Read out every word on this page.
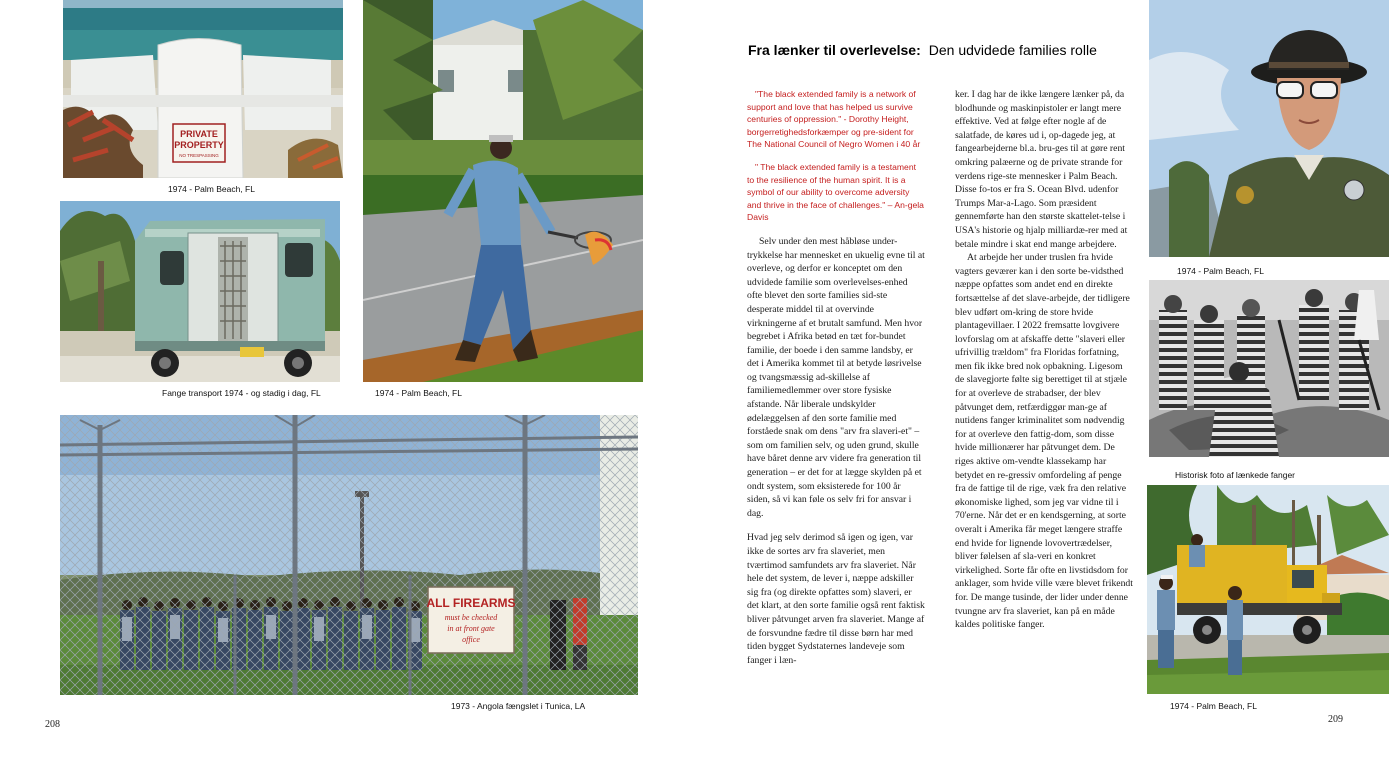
PRIVATE
PROPERTY
NO TRESPASSING
1974 - Palm Beach, FL
1974 - Palm Beach, FL
Fange transport 1974 - og stadig i dag, FL
ALL FIREARMS
must be checked
in at front gate
office
1973 - Angola fængslet i Tunica, LA
208
Fra lænker til overlevelse: Den udvidede families rolle

"The black extended family is a network of support and love that has helped us survive centuries of oppression." - Dorothy Height, borgerretighedsforkæmper og pre-sident for The National Council of Negro Women i 40 år

" The black extended family is a testament to the resilience of the human spirit. It is a symbol of our ability to overcome adversity and thrive in the face of challenges." – An-gela Davis

Selv under den mest håbløse under-trykkelse har mennesket en ukuelig evne til at overleve, og derfor er konceptet om den udvidede familie som overlevelses-enhed ofte blevet den sorte families sid-ste desperate middel til at overvinde virkningerne af et brutalt samfund. Men hvor begrebet i Afrika betød en tæt for-bundet familie, der boede i den samme landsby, er det i Amerika kommet til at betyde løsrivelse og tvangsmæssig ad-skillelse af familiemedlemmer over store fysiske afstande. Når liberale undskylder ødelæggelsen af den sorte familie med forståede snak om dens "arv fra slaveri-et" – som om familien selv, og uden grund, skulle have båret denne arv videre fra generation til generation – er det for at lægge skylden på et ondt system, som eksisterede for 100 år siden, så vi kan føle os selv fri for ansvar i dag.

Hvad jeg selv derimod så igen og igen, var ikke de sortes arv fra slaveriet, men tværtimod samfundets arv fra slaveriet. Når hele det system, de lever i, næppe adskiller sig fra (og direkte opfattes som) slaveri, er det klart, at den sorte familie også rent faktisk bliver påtvunget arven fra slaveriet. Mange af de forsvundne fædre til disse børn har med tiden bygget Sydstaternes landeveje som fanger i læn-

ker. I dag har de ikke længere lænker på, da blodhunde og maskinpistoler er langt mere effektive. Ved at følge efter nogle af de salatfade, de køres ud i, op-dagede jeg, at fangearbejderne bl.a. bru-ges til at gøre rent omkring palæerne og de private strande for verdens rige-ste mennesker i Palm Beach. Disse fo-tos er fra S. Ocean Blvd. udenfor Trumps Mar-a-Lago. Som præsident gennemførte han den største skattelet-telse i USA's historie og hjalp milliardæ-rer med at betale mindre i skat end mange arbejdere.

At arbejde her under truslen fra hvide vagters geværer kan i den sorte be-vidsthed næppe opfattes som andet end en direkte fortsættelse af det slave-arbejde, der tidligere blev udført om-kring de store hvide plantagevillaer. I 2022 fremsatte lovgivere lovforslag om at afskaffe dette "slaveri eller ufrivillig trældom" fra Floridas forfatning, men fik ikke bred nok opbakning. Ligesom de slavegjorte følte sig berettiget til at stjæle for at overleve de strabadser, der blev påtvunget dem, retfærdiggør man-ge af nutidens fanger kriminalitet som nødvendig for at overleve den fattig-dom, som disse hvide millionærer har påtvunget dem. De riges aktive om-vendte klassekamp har betydet en re-gressiv omfordeling af penge fra de fattige til de rige, væk fra den relative økonomiske lighed, som jeg var vidne til i 70'erne. Når det er en kendsgerning, at sorte overalt i Amerika får meget længere straffe end hvide for lignende lovovertrædelser, bliver følelsen af sla-veri en konkret virkelighed. Sorte får ofte en livstidsdom for anklager, som hvide ville være blevet frikendt for. De mange tusinde, der lider under denne tvungne arv fra slaveriet, kan på en måde kaldes politiske fanger.

1974 - Palm Beach, FL
Historisk foto af lænkede fanger
1974 - Palm Beach, FL
209
